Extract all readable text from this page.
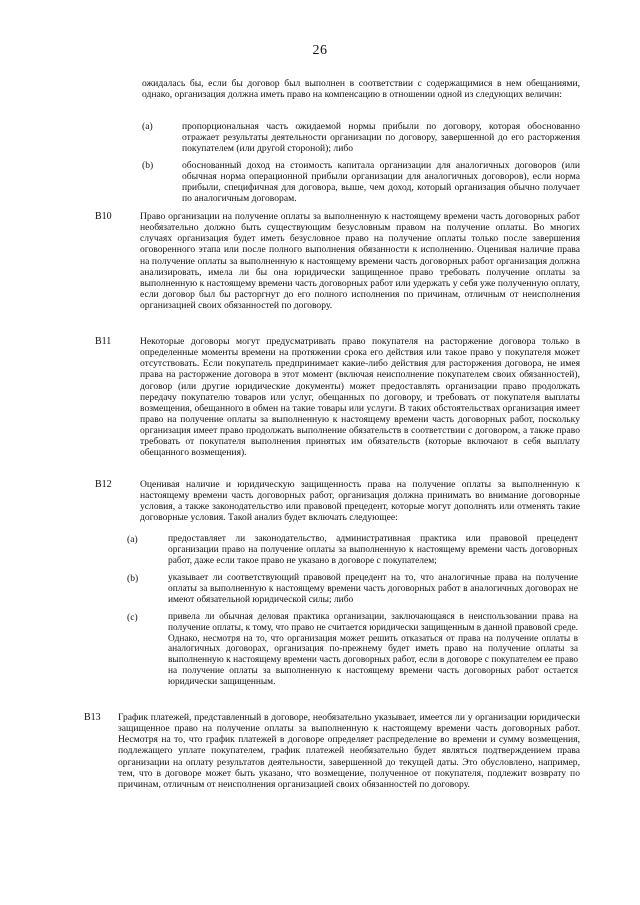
26
ожидалась бы, если бы договор был выполнен в соответствии с содержащимися в нем обещаниями, однако, организация должна иметь право на компенсацию в отношении одной из следующих величин:
(a)	пропорциональная часть ожидаемой нормы прибыли по договору, которая обоснованно отражает результаты деятельности организации по договору, завершенной до его расторжения покупателем (или другой стороной); либо
(b)	обоснованный доход на стоимость капитала организации для аналогичных договоров (или обычная норма операционной прибыли организации для аналогичных договоров), если норма прибыли, специфичная для договора, выше, чем доход, который организация обычно получает по аналогичным договорам.
B10	Право организации на получение оплаты за выполненную к настоящему времени часть договорных работ необязательно должно быть существующим безусловным правом на получение оплаты. Во многих случаях организация будет иметь безусловное право на получение оплаты только после завершения оговоренного этапа или после полного выполнения обязанности к исполнению. Оценивая наличие права на получение оплаты за выполненную к настоящему времени часть договорных работ организация должна анализировать, имела ли бы она юридически защищенное право требовать получение оплаты за выполненную к настоящему времени часть договорных работ или удержать у себя уже полученную оплату, если договор был бы расторгнут до его полного исполнения по причинам, отличным от неисполнения организацией своих обязанностей по договору.
B11	Некоторые договоры могут предусматривать право покупателя на расторжение договора только в определенные моменты времени на протяжении срока его действия или такое право у покупателя может отсутствовать. Если покупатель предпринимает какие-либо действия для расторжения договора, не имея права на расторжение договора в этот момент (включая неисполнение покупателем своих обязанностей), договор (или другие юридические документы) может предоставлять организации право продолжать передачу покупателю товаров или услуг, обещанных по договору, и требовать от покупателя выплаты возмещения, обещанного в обмен на такие товары или услуги. В таких обстоятельствах организация имеет право на получение оплаты за выполненную к настоящему времени часть договорных работ, поскольку организация имеет право продолжать выполнение обязательств в соответствии с договором, а также право требовать от покупателя выполнения принятых им обязательств (которые включают в себя выплату обещанного возмещения).
B12	Оценивая наличие и юридическую защищенность права на получение оплаты за выполненную к настоящему времени часть договорных работ, организация должна принимать во внимание договорные условия, а также законодательство или правовой прецедент, которые могут дополнять или отменять такие договорные условия. Такой анализ будет включать следующее:
(a)	предоставляет ли законодательство, административная практика или правовой прецедент организации право на получение оплаты за выполненную к настоящему времени часть договорных работ, даже если такое право не указано в договоре с покупателем;
(b)	указывает ли соответствующий правовой прецедент на то, что аналогичные права на получение оплаты за выполненную к настоящему времени часть договорных работ в аналогичных договорах не имеют обязательной юридической силы; либо
(c)	привела ли обычная деловая практика организации, заключающаяся в неиспользовании права на получение оплаты, к тому, что право не считается юридически защищенным в данной правовой среде. Однако, несмотря на то, что организация может решить отказаться от права на получение оплаты в аналогичных договорах, организация по-прежнему будет иметь право на получение оплаты за выполненную к настоящему времени часть договорных работ, если в договоре с покупателем ее право на получение оплаты за выполненную к настоящему времени часть договорных работ остается юридически защищенным.
B13 График платежей, представленный в договоре, необязательно указывает, имеется ли у организации юридически защищенное право на получение оплаты за выполненную к настоящему времени часть договорных работ. Несмотря на то, что график платежей в договоре определяет распределение во времени и сумму возмещения, подлежащего уплате покупателем, график платежей необязательно будет являться подтверждением права организации на оплату результатов деятельности, завершенной до текущей даты. Это обусловлено, например, тем, что в договоре может быть указано, что возмещение, полученное от покупателя, подлежит возврату по причинам, отличным от неисполнения организацией своих обязанностей по договору.
